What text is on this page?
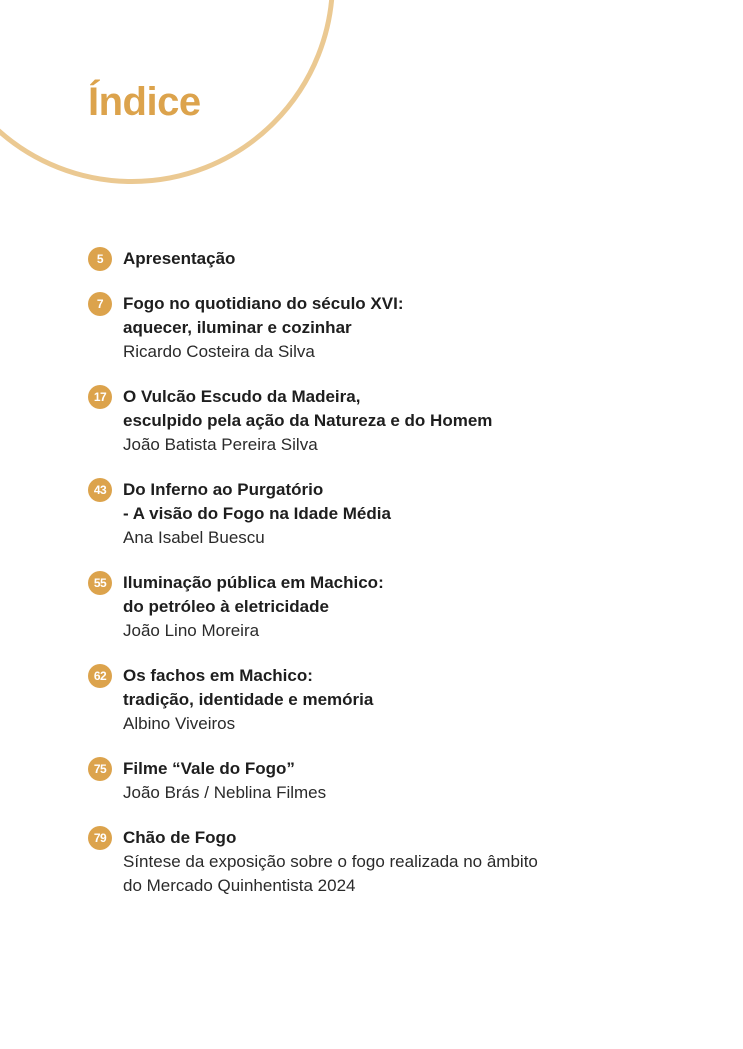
Índice
5	Apresentação
7	Fogo no quotidiano do século XVI:
aquecer, iluminar e cozinhar
Ricardo Costeira da Silva
17 O Vulcão Escudo da Madeira,
esculpido pela ação da Natureza e do Homem
João Batista Pereira Silva
43 Do Inferno ao Purgatório
- A visão do Fogo na Idade Média
Ana Isabel Buescu
55 Iluminação pública em Machico:
do petróleo à eletricidade
João Lino Moreira
62 Os fachos em Machico:
tradição, identidade e memória
Albino Viveiros
75 Filme “Vale do Fogo”
João Brás / Neblina Filmes
79 Chão de Fogo
Síntese da exposição sobre o fogo realizada no âmbito
do Mercado Quinhentista 2024
